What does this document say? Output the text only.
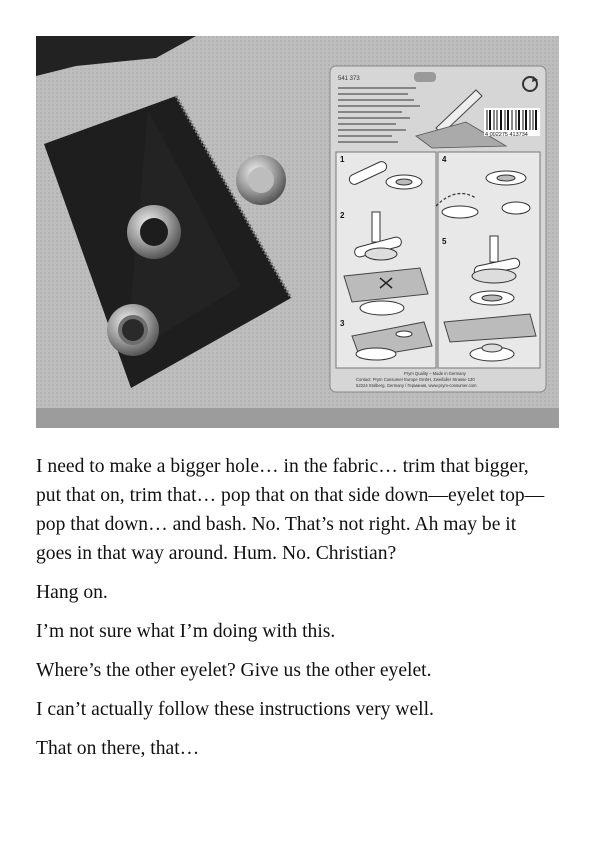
541 373
4 002275 413734
1
2
3
4
5
Prym Quality – Made in Germany
Contact: Prym Consumer Europe GmbH, Zweifaller Strasse 130
52224 Stolberg, Germany / Германия, www.prym-consumer.com

I need to make a bigger hole… in the fabric… trim that bigger, put that on, trim that… pop that on that side down—eyelet top—pop that down… and bash. No. That’s not right. Ah may be it goes in that way around. Hum. No. Christian?

Hang on.

I’m not sure what I’m doing with this.

Where’s the other eyelet? Give us the other eyelet.

I can’t actually follow these instructions very well.

That on there, that…
